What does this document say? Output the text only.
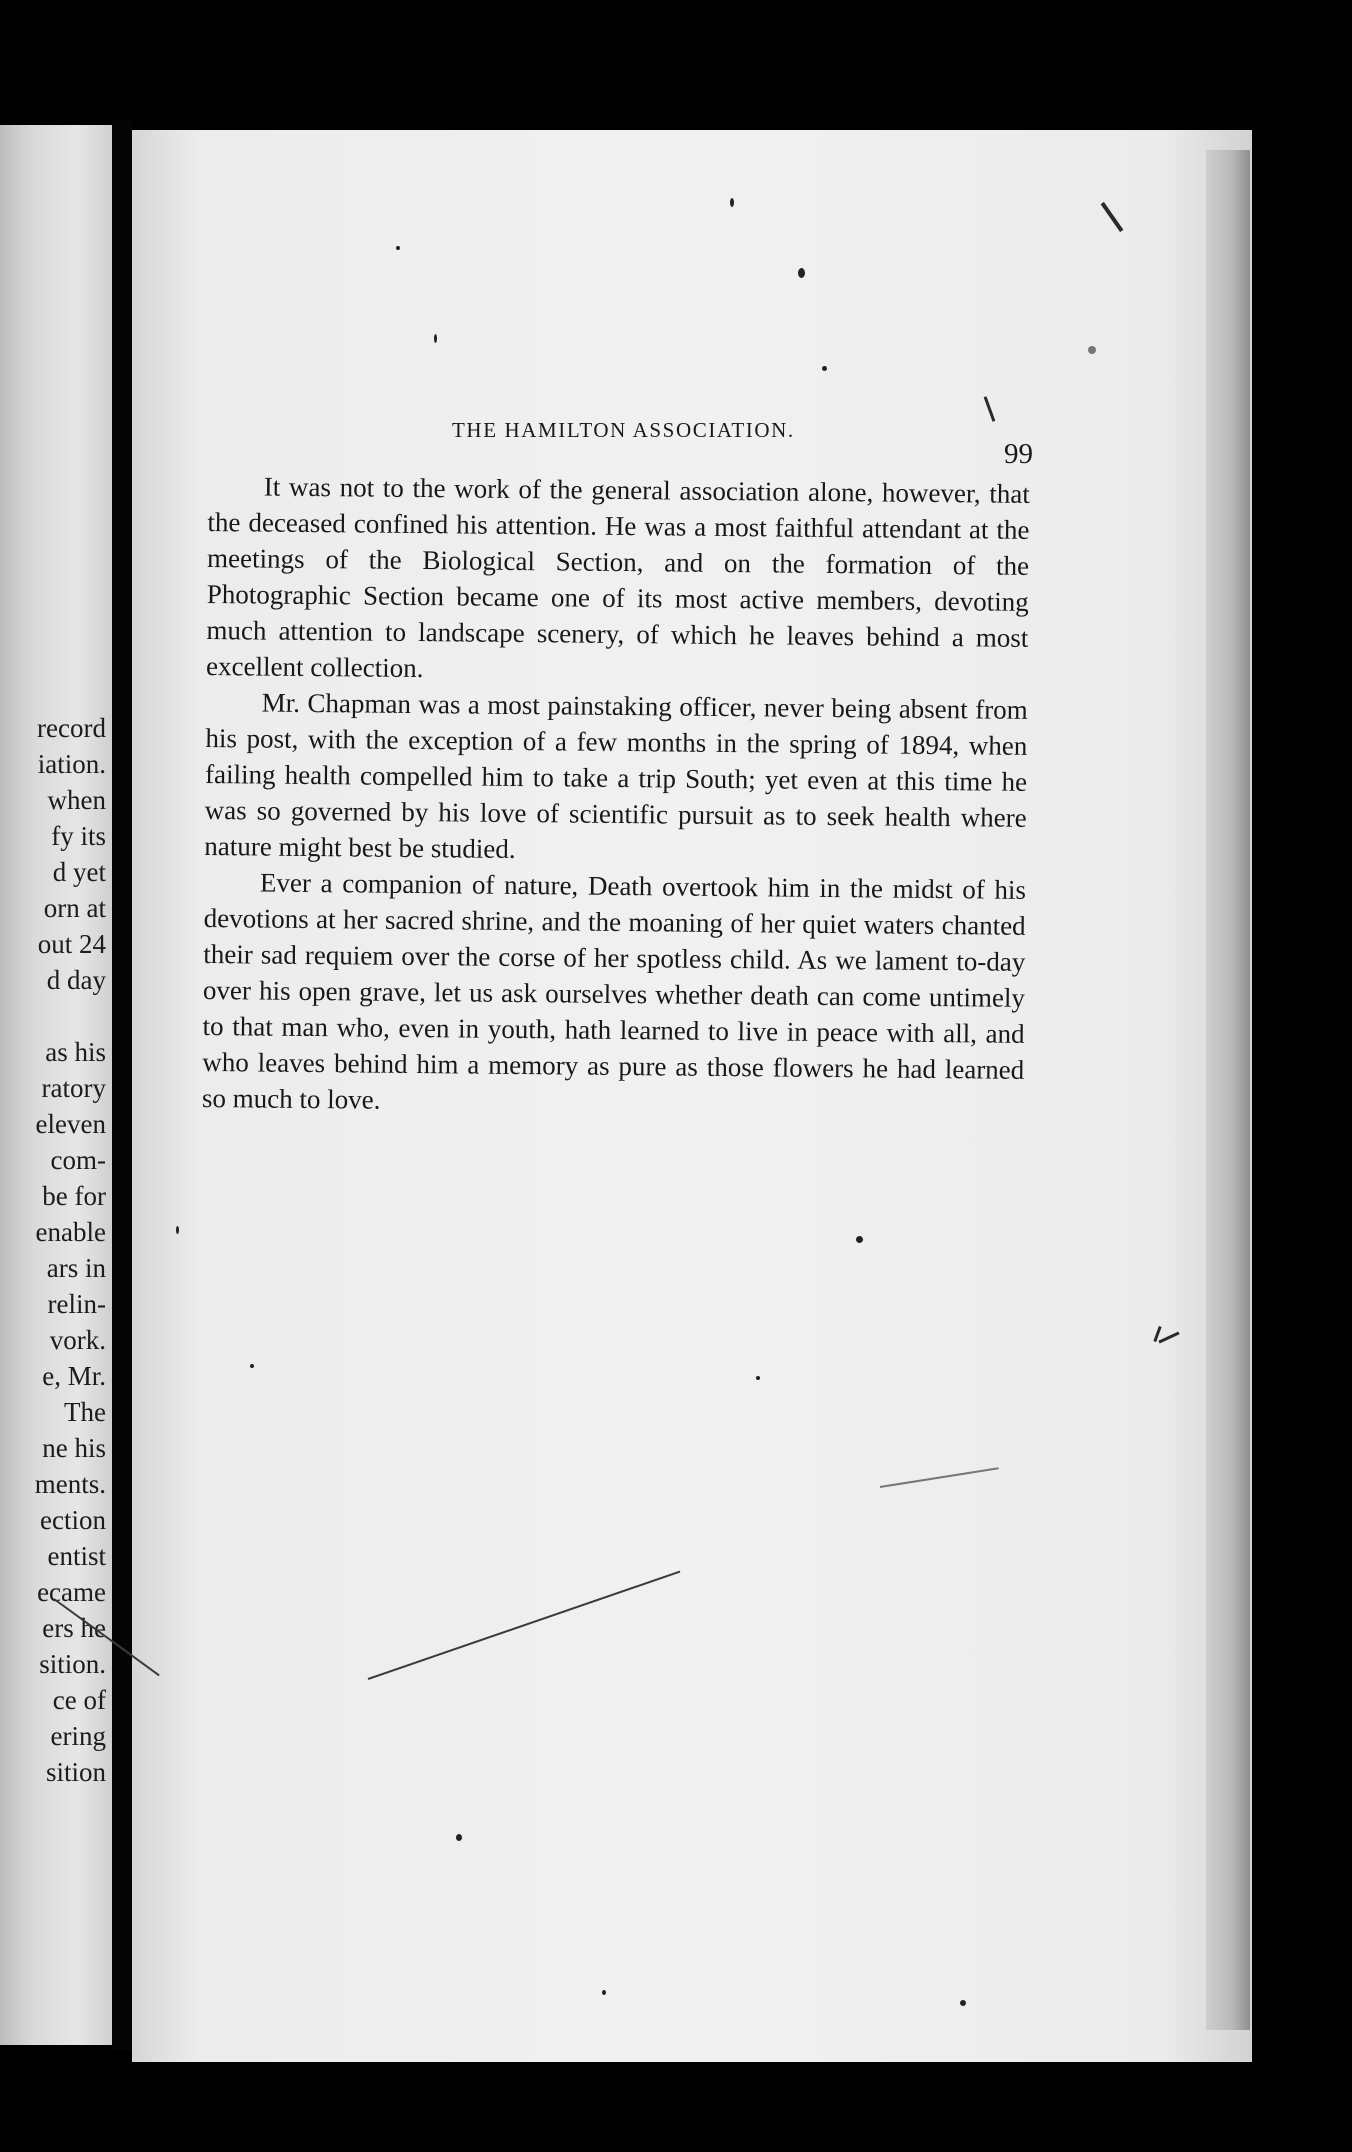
record
iation.
when
fy its
d yet
orn at
out 24
d day
as his
ratory
eleven
com-
be for
enable
ars in
relin-
vork.
e, Mr.
The
ne his
ments.
ection
entist
ecame
ers he
sition.
ce of
ering
sition
THE HAMILTON ASSOCIATION.
99

It was not to the work of the general association alone, however, that the deceased confined his attention. He was a most faithful attendant at the meetings of the Biological Section, and on the formation of the Photographic Section became one of its most active members, devoting much attention to landscape scenery, of which he leaves behind a most excellent collection.

Mr. Chapman was a most painstaking officer, never being absent from his post, with the exception of a few months in the spring of 1894, when failing health compelled him to take a trip South; yet even at this time he was so governed by his love of scientific pursuit as to seek health where nature might best be studied.

Ever a companion of nature, Death overtook him in the midst of his devotions at her sacred shrine, and the moaning of her quiet waters chanted their sad requiem over the corse of her spotless child. As we lament to-day over his open grave, let us ask ourselves whether death can come untimely to that man who, even in youth, hath learned to live in peace with all, and who leaves behind him a memory as pure as those flowers he had learned so much to love.
